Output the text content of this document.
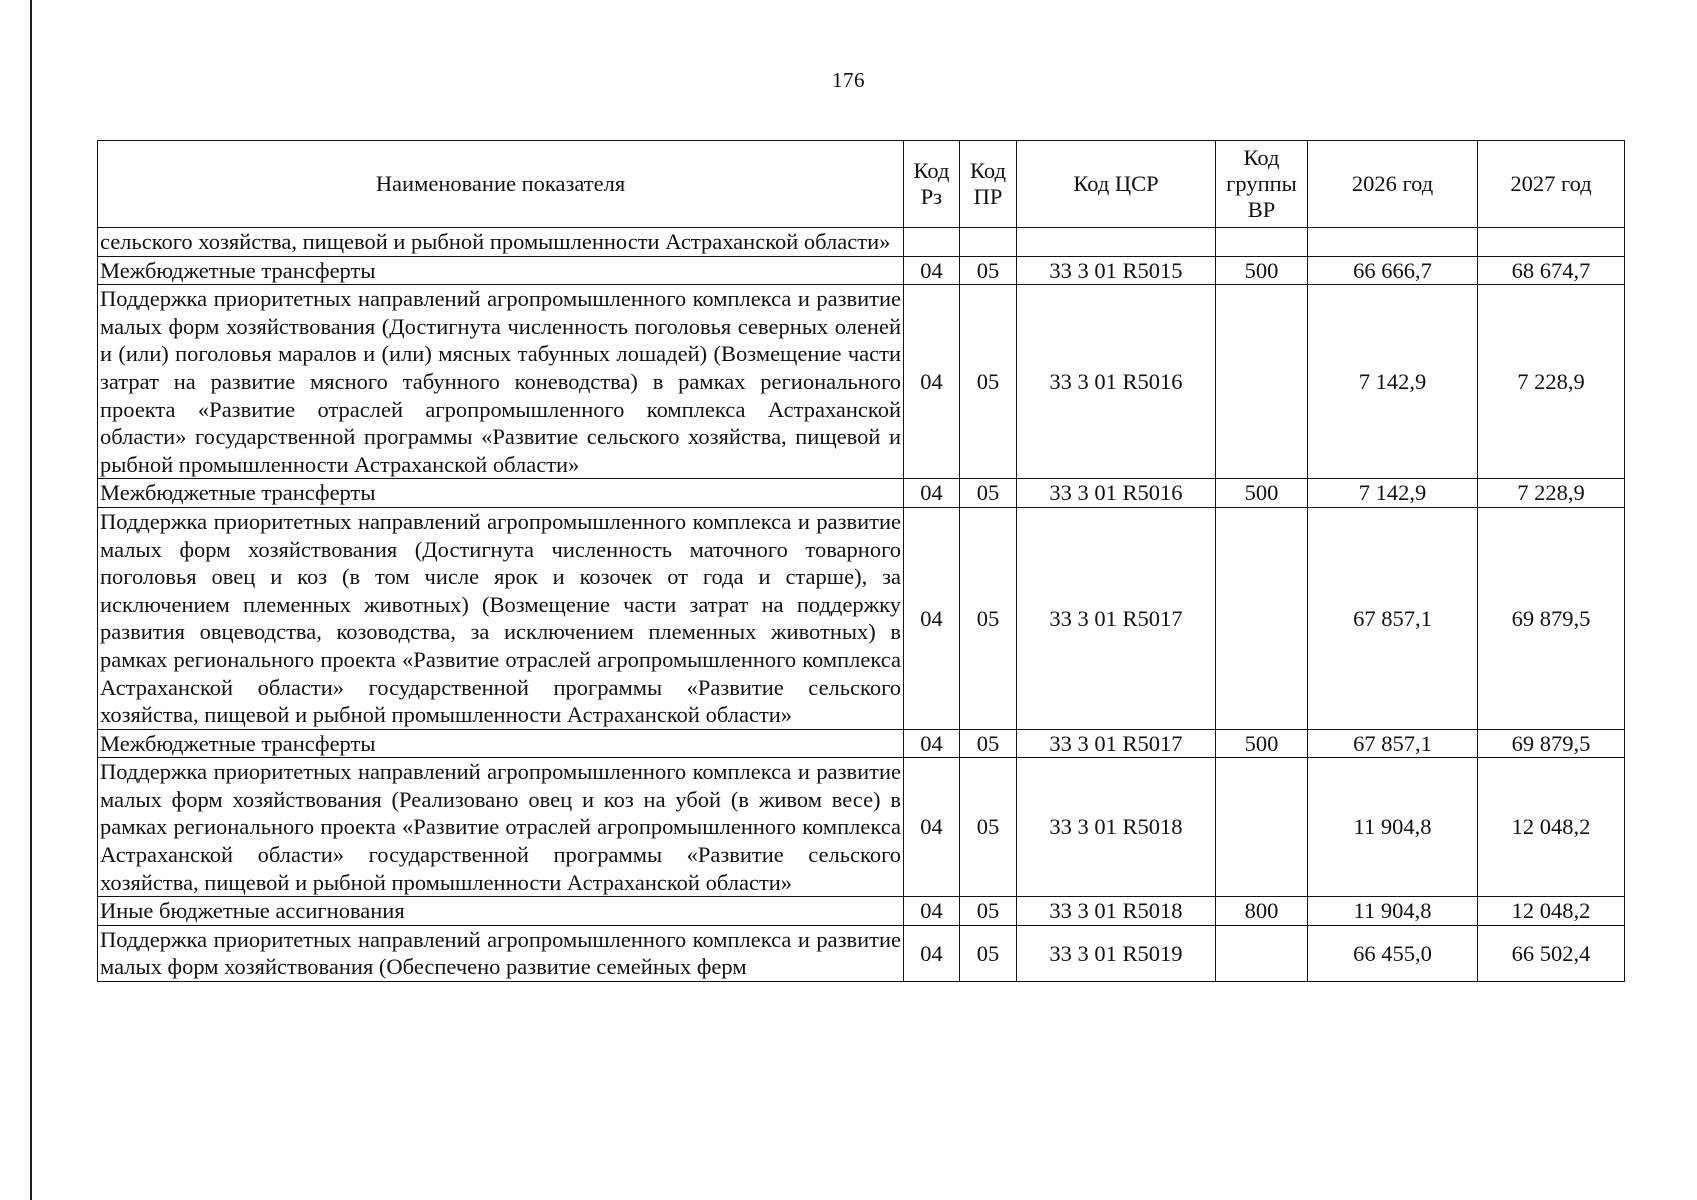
176
Наименование показателя	Код Рз	Код ПР	Код ЦСР	Код группы ВР	2026 год	2027 год
сельского хозяйства, пищевой и рыбной промышленности Астраханской области»						
Межбюджетные трансферты	04	05	33 3 01 R5015	500	66 666,7	68 674,7
Поддержка приоритетных направлений агропромышленного комплекса и развитие малых форм хозяйствования (Достигнута численность поголовья северных оленей и (или) поголовья маралов и (или) мясных табунных лошадей) (Возмещение части затрат на развитие мясного табунного коневодства) в рамках регионального проекта «Развитие отраслей агропромышленного комплекса Астраханской области» государственной программы «Развитие сельского хозяйства, пищевой и рыбной промышленности Астраханской области»	04	05	33 3 01 R5016		7 142,9	7 228,9
Межбюджетные трансферты	04	05	33 3 01 R5016	500	7 142,9	7 228,9
Поддержка приоритетных направлений агропромышленного комплекса и развитие малых форм хозяйствования (Достигнута численность маточного товарного поголовья овец и коз (в том числе ярок и козочек от года и старше), за исключением племенных животных) (Возмещение части затрат на поддержку развития овцеводства, козоводства, за исключением племенных животных) в рамках регионального проекта «Развитие отраслей агропромышленного комплекса Астраханской области» государственной программы «Развитие сельского хозяйства, пищевой и рыбной промышленности Астраханской области»	04	05	33 3 01 R5017		67 857,1	69 879,5
Межбюджетные трансферты	04	05	33 3 01 R5017	500	67 857,1	69 879,5
Поддержка приоритетных направлений агропромышленного комплекса и развитие малых форм хозяйствования (Реализовано овец и коз на убой (в живом весе) в рамках регионального проекта «Развитие отраслей агропромышленного комплекса Астраханской области» государственной программы «Развитие сельского хозяйства, пищевой и рыбной промышленности Астраханской области»	04	05	33 3 01 R5018		11 904,8	12 048,2
Иные бюджетные ассигнования	04	05	33 3 01 R5018	800	11 904,8	12 048,2
Поддержка приоритетных направлений агропромышленного комплекса и развитие малых форм хозяйствования (Обеспечено развитие семейных ферм	04	05	33 3 01 R5019		66 455,0	66 502,4
